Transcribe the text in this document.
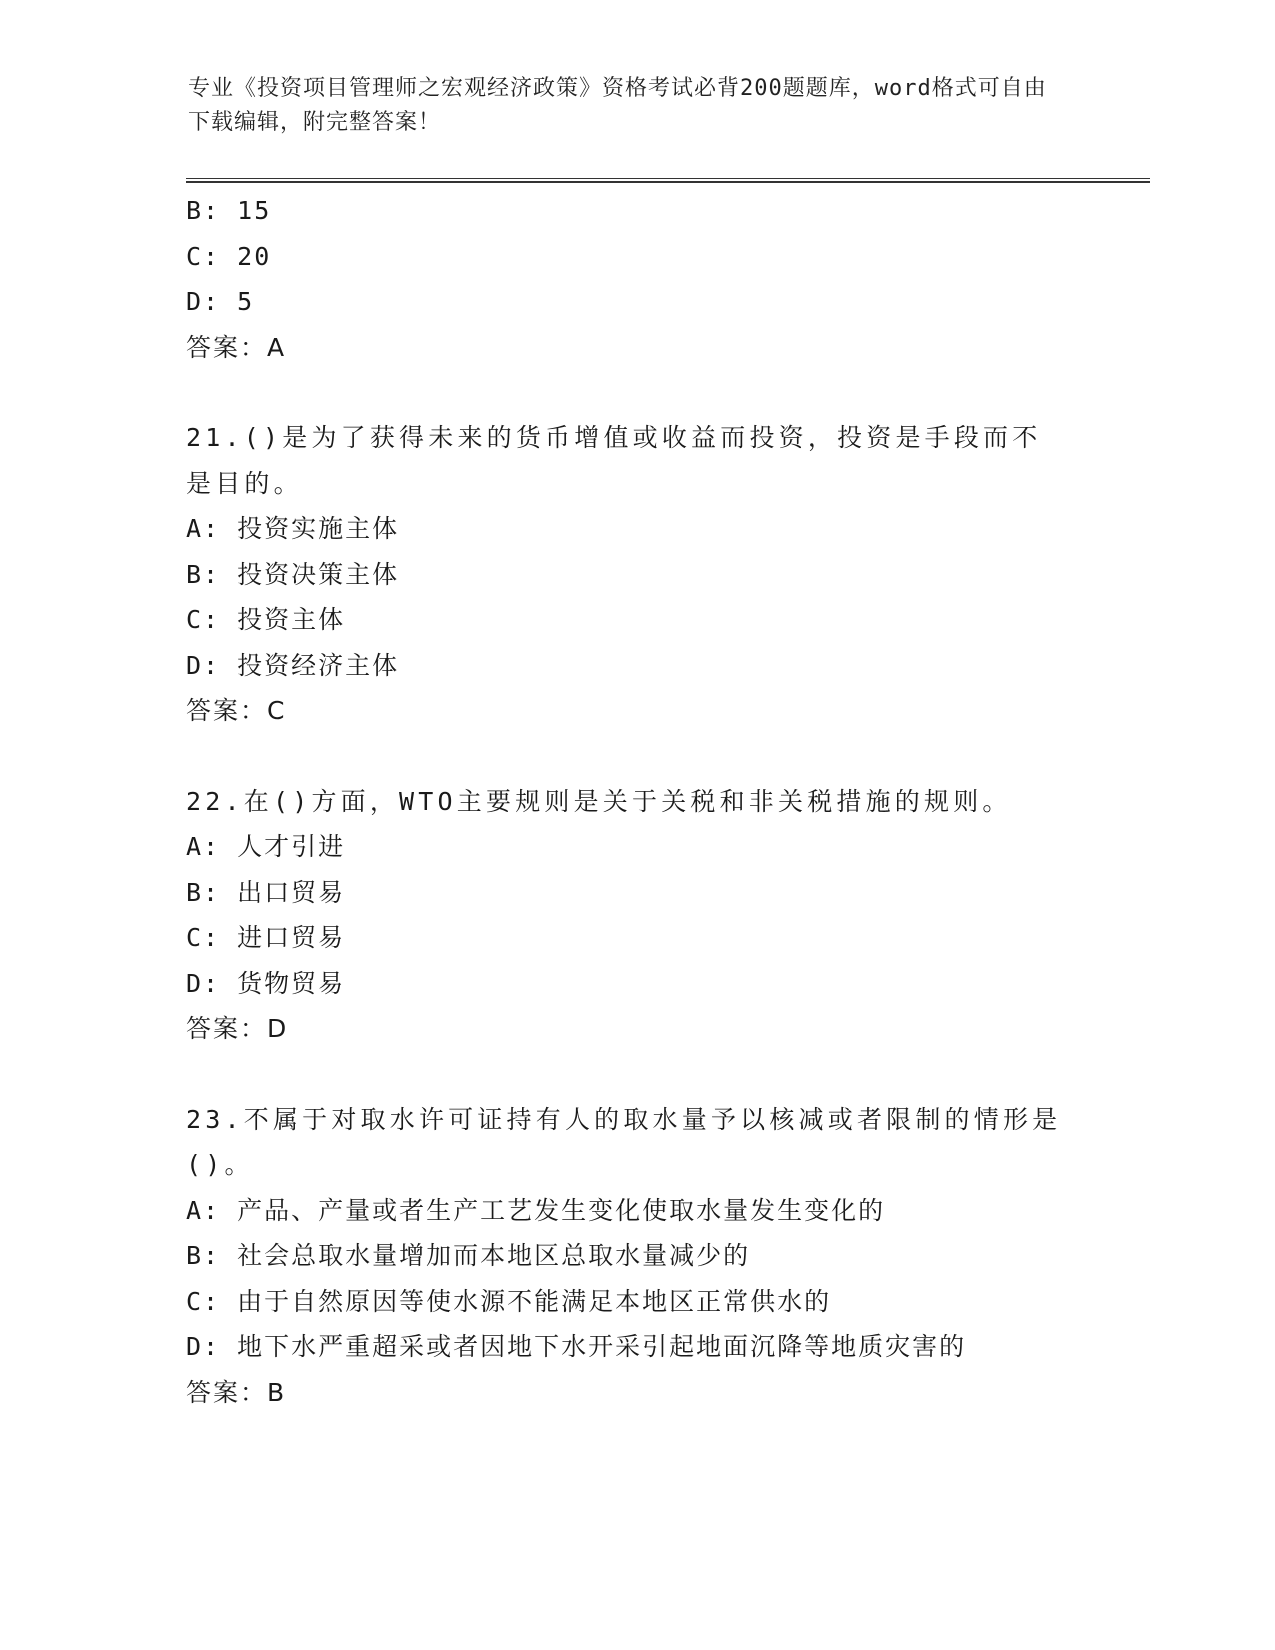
专业《投资项目管理师之宏观经济政策》资格考试必背200题题库，word格式可自由下载编辑，附完整答案！
B: 15
C: 20
D: 5
答案：A
21.()是为了获得未来的货币增值或收益而投资，投资是手段而不是目的。
A: 投资实施主体
B: 投资决策主体
C: 投资主体
D: 投资经济主体
答案：C
22.在()方面，WTO主要规则是关于关税和非关税措施的规则。
A: 人才引进
B: 出口贸易
C: 进口贸易
D: 货物贸易
答案：D
23.不属于对取水许可证持有人的取水量予以核减或者限制的情形是()。
A: 产品、产量或者生产工艺发生变化使取水量发生变化的
B: 社会总取水量增加而本地区总取水量减少的
C: 由于自然原因等使水源不能满足本地区正常供水的
D: 地下水严重超采或者因地下水开采引起地面沉降等地质灾害的
答案：B
